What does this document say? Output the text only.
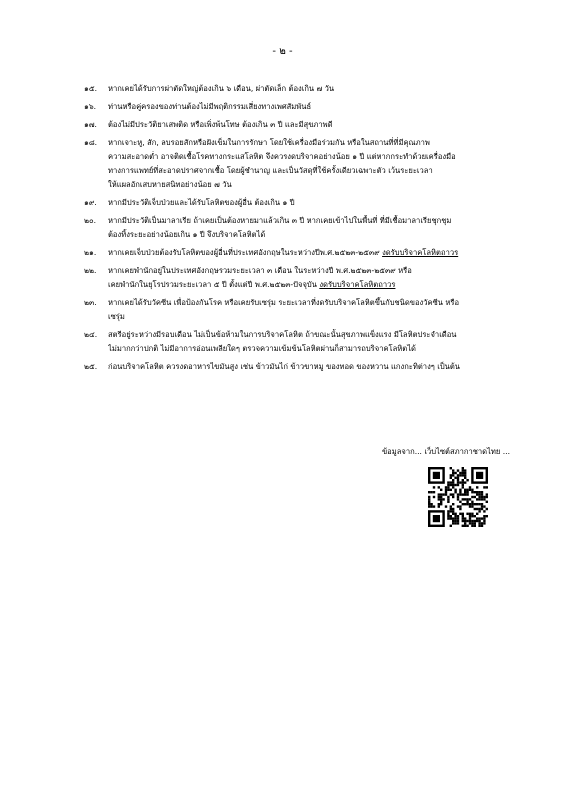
- ๒ -
๑๕.	หากเคยได้รับการผ่าตัดใหญ่ต้องเกิน ๖ เดือน, ผ่าตัดเล็ก ต้องเกิน ๗ วัน
๑๖.	ท่านหรือคู่ครองของท่านต้องไม่มีพฤติกรรมเสี่ยงทางเพศสัมพันธ์
๑๗.	ต้องไม่มีประวัติยาเสพติด หรือเพิ่งพ้นโทษ ต้องเกิน ๓ ปี และมีสุขภาพดี
๑๘.	หากเจาะหู, สัก, ลบรอยสักหรือฝังเข็มในการรักษา โดยใช้เครื่องมือร่วมกัน หรือในสถานที่ที่มีคุณภาพ
ความสะอาดต่ำ อาจติดเชื้อโรคทางกระแสโลหิต จึงควรงดบริจาคอย่างน้อย ๑ ปี แต่หากกระทำด้วยเครื่องมือ
ทางการแพทย์ที่สะอาดปราศจากเชื้อ โดยผู้ชำนาญ และเป็นวัสดุที่ใช้ครั้งเดียวเฉพาะตัว เว้นระยะเวลา
ให้แผลอักเสบหายสนิทอย่างน้อย ๗ วัน
๑๙.	หากมีประวัติเจ็บป่วยและได้รับโลหิตของผู้อื่น ต้องเกิน ๑ ปี
๒๐.	หากมีประวัติเป็นมาลาเรีย ถ้าเคยเป็นต้องหายมาแล้วเกิน ๓ ปี หากเคยเข้าไปในพื้นที่ ที่มีเชื้อมาลาเรียชุกชุม
ต้องทิ้งระยะอย่างน้อยเกิน ๑ ปี จึงบริจาคโลหิตได้
๒๑.	หากเคยเจ็บป่วยต้องรับโลหิตของผู้อื่นที่ประเทศอังกฤษในระหว่างปีพ.ศ.๒๕๒๓-๒๕๓๙ งดรับบริจาคโลหิตถาวร
๒๒.	หากเคยพำนักอยู่ในประเทศอังกฤษรวมระยะเวลา ๓ เดือน ในระหว่างปี พ.ศ.๒๕๒๓-๒๕๓๙ หรือ
เคยพำนักในยุโรปรวมระยะเวลา ๕ ปี ตั้งแต่ปี พ.ศ.๒๕๒๓-ปัจจุบัน งดรับบริจาคโลหิตถาวร
๒๓.	หากเคยได้รับวัคซีน เพื่อป้องกันโรค หรือเคยรับเซรุ่ม ระยะเวลาที่งดรับบริจาคโลหิตขึ้นกับชนิดของวัคซีน หรือ
เซรุ่ม
๒๔.	สตรีอยู่ระหว่างมีรอบเดือน ไม่เป็นข้อห้ามในการบริจาคโลหิต ถ้าขณะนั้นสุขภาพแข็งแรง มีโลหิตประจำเดือน
ไม่มากกว่าปกติ ไม่มีอาการอ่อนเพลียใดๆ ตรวจความเข้มข้นโลหิตผ่านก็สามารถบริจาคโลหิตได้
๒๕.	ก่อนบริจาคโลหิต ควรงดอาหารไขมันสูง เช่น ข้าวมันไก่ ข้าวขาหมู ของทอด ของหวาน แกงกะทิต่างๆ เป็นต้น
ข้อมูลจาก... เว็บไซต์สภากาชาดไทย ...
